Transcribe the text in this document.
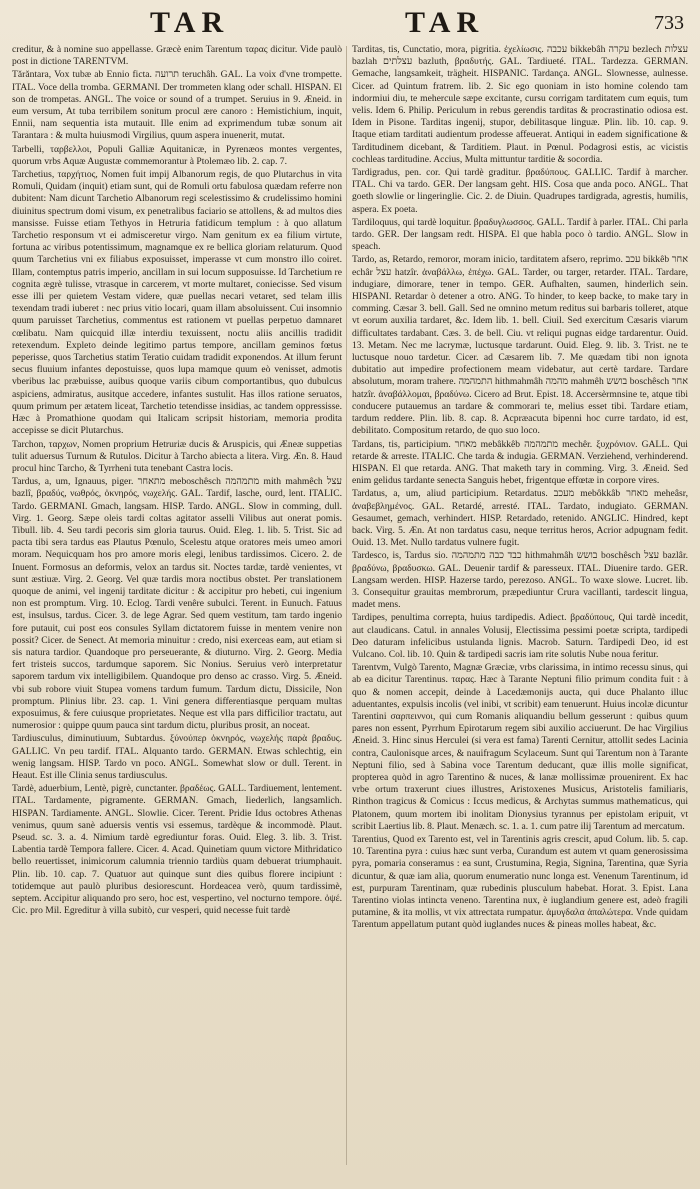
TAR	TAR	733

creditur, & à nomine suo appellasse. Græcè enim Tarentum ταρας dicitur. Vide paulò post in dictione TARENTVM.

Tărăntara, Vox tubæ ab Ennio ficta. תרועה teruchâh. GAL. La voix d'vne trompette. ITAL. Voce della tromba. GERMANI. Der trommeten klang oder schall. HISPAN. El son de trompetas. ANGL. The voice or sound of a trumpet. Seruius in 9. Æneid. in eum versum, At tuba terribilem sonitum procul ære canoro : Hemistichium, inquit, Ennii, nam sequentia ista mutauit. Ille enim ad exprimendum tubæ sonum ait Tarantara : & multa huiusmodi Virgilius, quum aspera inuenerit, mutat.

Tarbelli, ταρβελλοι, Populi Galliæ Aquitanicæ, in Pyrenæos montes vergentes, quorum vrbs Aquæ Augustæ commemorantur à Ptolemæo lib. 2. cap. 7.

Tarchetius, ταρχήτιος, Nomen fuit impij Albanorum regis, de quo Plutarchus in vita Romuli, Quidam (inquit) etiam sunt, qui de Romuli ortu fabulosa quædam referre non dubitent: Nam dicunt Tarchetio Albanorum regi scelestissimo & crudelissimo homini diuinitus spectrum domi visum, ex penetralibus faciario se attollens, & ad multos dies mansisse. Fuisse etiam Tethyos in Hetruria fatidicum templum : à quo allatum Tarchetio responsum vt ei admisceretur virgo. Nam genitum ex ea filium virtute, fortuna ac viribus potentissimum, magnamque ex re bellica gloriam relaturum. Quod quum Tarchetius vni ex filiabus exposuisset, imperasse vt cum monstro illo coiret. Illam, contemptus patris imperio, ancillam in sui locum supposuisse. Id Tarchetium re cognita ægrè tulisse, vtrasque in carcerem, vt morte multaret, coniecisse. Sed visum esse illi per quietem Vestam videre, quæ puellas necari vetaret, sed telam illis texendam tradi iuberet : nec prius vitio locari, quam illam absoluissent. Cui insomnio quum paruisset Tarchetius, commentus est rationem vt puellas perpetuo damnaret cœlibatu. Nam quicquid illæ interdiu texuissent, noctu aliis ancillis tradidit retexendum. Expleto deinde legitimo partus tempore, ancillam geminos fœtus peperisse, quos Tarchetius statim Teratio cuidam tradidit exponendos. At illum ferunt secus fluuium infantes depostuisse, quos lupa mamque quum eò venisset, admotis vberibus lac præbuisse, auibus quoque variis cibum comportantibus, quo dubulcus aspiciens, admiratus, ausitque accedere, infantes sustulit. Has illos ratione seruatos, quum primum per ætatem liceat, Tarchetio tetendisse insidias, ac tandem oppressisse. Hæc à Promathione quodam qui Italicam scripsit historiam, memoria prodita accepisse se dicit Plutarchus.

Tarchon, ταρχων, Nomen proprium Hetruriæ ducis & Aruspicis, qui Æneæ suppetias tulit aduersus Turnum & Rutulos. Dicitur à Tarcho abiecta a litera. Virg. Æn. 8. Haud procul hinc Tarcho, & Tyrrheni tuta tenebant Castra locis.

Tardus, a, um, Ignauus, piger. מתאחר meboschêsch מתמהמה mith mahmêch עצל bazlî, βραδύς, νωθρός, ὀκνηρός, νωχελής. GAL. Tardif, lasche, ourd, lent. ITALIC. Tardo. GERMANI. Gmach, langsam. HISP. Tardo. ANGL. Slow in comming, dull. Virg. 1. Georg. Sæpe oleis tardi coltas agitator asselli Vilibus aut onerat pomis. Tibull. lib. 4. Seu tardi pecoris sim gloria taurus. Ouid. Eleg. 1. lib. 5. Trist. Sic ad pacta tibi sera tardus eas Plautus Pœnulo, Scelestu atque oratores meis umeo amori moram. Nequicquam hos pro amore moris elegi, lenibus tardissimos. Cicero. 2. de Inuent. Formosus an deformis, velox an tardus sit. Noctes tardæ, tardè venientes, vt sunt æstiuæ. Virg. 2. Georg. Vel quæ tardis mora noctibus obstet. Per translationem quoque de animi, vel ingenij tarditate dicitur : & accipitur pro hebeti, cui ingenium non est promptum. Virg. 10. Eclog. Tardi venêre subulci. Terent. in Eunuch. Fatuus est, insulsus, tardus. Cicer. 3. de lege Agrar. Sed quem vestitum, tam tardo ingenio fore putauit, cui post eos consules Syllam dictatorem fuisse in mentem venire non possit? Cicer. de Senect. At memoria minuitur : credo, nisi exerceas eam, aut etiam si sis natura tardior. Quandoque pro perseuerante, & diuturno. Virg. 2. Georg. Media fert tristeis succos, tardumque saporem. Sic Nonius. Seruius verò interpretatur saporem tardum vix intelligibilem. Quandoque pro denso ac crasso. Virg. 5. Æneid. vbi sub robore viuit Stupea vomens tardum fumum. Tardum dictu, Dissicile, Non promptum. Plinius libr. 23. cap. 1. Vini genera differentiasque perquam multas exposuimus, & fere cuiusque proprietates. Neque est vlla pars difficilior tractatu, aut numerosior : quippe quum pauca sint tardum dictu, pluribus prosit, an noceat.

Tardiusculus, diminutiuum, Subtardus. ξύνούπερ ὀκνηρός, νωχελής παρὰ βραδυς. GALLIC. Vn peu tardif. ITAL. Alquanto tardo. GERMAN. Etwas schlechtig, ein wenig langsam. HISP. Tardo vn poco. ANGL. Somewhat slow or dull. Terent. in Heaut. Est ille Clinia senus tardiusculus.

Tardè, aduerbium, Lentè, pigrè, cunctanter. βραδέως. GALL. Tardiuement, lentement. ITAL. Tardamente, pigramente. GERMAN. Gmach, Iiederlich, langsamlich. HISPAN. Tardiamente. ANGL. Slowlie. Cicer. Terent. Pridie Idus octobres Athenas venimus, quum sanè aduersis ventis vsi essemus, tardèque & incommodè. Plaut. Pseud. sc. 3. a. 4. Nimium tardè egrediuntur foras. Ouid. Eleg. 3. lib. 3. Trist. Labentia tardè Tempora fallere. Cicer. 4. Acad. Quinetiam quum victore Mithridatico bello reuertisset, inimicorum calumnia triennio tardiùs quam debuerat triumphauit. Plin. lib. 10. cap. 7. Quatuor aut quinque sunt dies quibus florere incipiunt : totidemque aut paulò pluribus desiorescunt. Hordeacea verò, quum tardissimè, septem. Accipitur aliquando pro sero, hoc est, vespertino, vel nocturno tempore. ὀψέ. Cic. pro Mil. Egreditur à villa subitò, cur vesperi, quid necesse fuit tardè

Tarditas, tis, Cunctatio, mora, pigritia. ἐχελίωσις. עכבה bikkebâh עקרה bezlech עצלות bazlah עצלתים bazluth, βραδυτής. GAL. Tardiueté. ITAL. Tardezza. GERMAN. Gemache, langsamkeit, trägheit. HISPANIC. Tardança. ANGL. Slownesse, aulnesse. Cicer. ad Quintum fratrem. lib. 2. Sic ego quoniam in isto homine colendo tam indormiui diu, te mehercule sæpe excitante, cursu corrigam tarditatem cum equis, tum velis. Idem 6. Philip. Periculum in rebus gerendis tarditas & procrastinatio odiosa est. Idem in Pisone. Tarditas ingenij, stupor, debilitasque linguæ. Plin. lib. 10. cap. 9. Itaque etiam tarditati audientum prodesse affeuerat. Antiqui in eadem significatione & Tarditudinem dicebant, & Tarditiem. Plaut. in Pœnul. Podagrosi estis, ac vicistis cochleas tarditudine. Accius, Multa mittuntur tarditie & socordia.

Tardigradus, pen. cor. Qui tardè graditur. βραδύπους. GALLIC. Tardif à marcher. ITAL. Chi va tardo. GER. Der langsam geht. HIS. Cosa que anda poco. ANGL. That goeth slowlie or lingeringlie. Cic. 2. de Diuin. Quadrupes tardigrada, agrestis, humilis, aspera. Ex poeta.

Tardiloquus, qui tardè loquitur. βραδυγλωσσος. GALL. Tardif à parler. ITAL. Chi parla tardo. GER. Der langsam redt. HISPA. El que habla poco ò tardio. ANGL. Slow in speach.

Tardo, as, Retardo, remoror, moram inicio, tarditatem afsero, reprimo. עכב bikkêb אחר echâr עצל hatzîr. ἀναβάλλω, ἐπέχω. GAL. Tarder, ou targer, retarder. ITAL. Tardare, indugiare, dimorare, tener in tempo. GER. Aufhalten, saumen, hinderlich sein. HISPANI. Retardar ò detener a otro. ANG. To hinder, to keep backe, to make tary in comming. Cæsar 3. bell. Gall. Sed ne omnino metum reditus sui barbaris tolleret, atque vt eorum auxilia tardaret, &c. Idem lib. 1. bell. Ciuil. Sed exercitum Cæsaris viarum difficultates tardabant. Cæs. 3. de bell. Ciu. vt reliqui pugnas eidge tardarentur. Ouid. 13. Metam. Nec me lacrymæ, luctusque tardarunt. Ouid. Eleg. 9. lib. 3. Trist. ne te luctusque nouo tardetur. Cicer. ad Cæsarem lib. 7. Me quædam tibi non ignota dubitatio aut impedire profectionem meam videbatur, aut certè tardare. Tardare absolutum, moram trahere. התמהמה hithmahmâh מהמה mahmêh בושש boschêsch אחר hatzîr. ἀναβάλλομαι, βραδύνω. Cicero ad Brut. Epist. 18. Accersèrmnsine te, atque tibi conducere putauemus an tardare & commorari te, melius esset tibi. Tardare etiam, tardum reddere. Plin. lib. 8. cap. 8. Acpræacuta bipenni hoc curre tardato, id est, debilitato. Compositum retardo, de quo suo loco.

Tardans, tis, participium. מאחר mebâkkêb מתמהמה mechêr. ξυχρόνιον. GALL. Qui retarde & arreste. ITALIC. Che tarda & indugia. GERMAN. Verziehend, verhinderend. HISPAN. El que retarda. ANG. That maketh tary in comming. Virg. 3. Æneid. Sed enim gelidus tardante senecta Sanguis hebet, frigentque effœtæ in corpore vires.

Tardatus, a, um, aliud participium. Retardatus. מעכב mebôkkâb מאחר meheâsr, ἀναβεβλημένος. GAL. Retardé, arresté. ITAL. Tardato, indugiato. GERMAN. Gesaumet, gemach, verhindert. HISP. Retardado, retenido. ANGLIC. Hindred, kept back. Virg. 5. Æn. At non tardatus casu, neque territus heros, Acrior adpugnam fedit. Ouid. 13. Met. Nullo tardatus vulnere fugit.

Tardesco, is, Tardus sio. כבד כבה מתמהמה hithmahmâh בושש boschêsch עצל bazlâr. βραδύνω, βραδυσκω. GAL. Deuenir tardif & paresseux. ITAL. Diuenire tardo. GER. Langsam werden. HISP. Hazerse tardo, perezoso. ANGL. To waxe slowe. Lucret. lib. 3. Consequitur grauitas membrorum, præpediuntur Crura vacillanti, tardescit lingua, madet mens.

Tardipes, penultima correpta, huius tardipedis. Adiect. βραδύπους, Qui tardè incedit, aut claudicans. Catul. in annales Volusij, Electissima pessimi poetæ scripta, tardipedi Deo daturam infelicibus ustulanda lignis. Macrob. Saturn. Tardipedi Deo, id est Vulcano. Col. lib. 10. Quin & tardipedi sacris iam rite solutis Nube noua feritur.

Tarentvm, Vulgò Tarento, Magnæ Græciæ, vrbs clarissima, in intimo recessu sinus, qui ab ea dicitur Tarentinus. ταρας. Hæc à Tarante Neptuni filio primum condita fuit : à quo & nomen accepit, deinde à Lacedæmonijs aucta, qui duce Phalanto illuc aduentantes, expulsis incolis (vel inibi, vt scribit) eam tenuerunt. Huius incolæ dicuntur Tarentini σαρπειννοι, qui cum Romanis aliquandiu bellum gesserunt : quibus quum pares non essent, Pyrrhum Epirotarum regem sibi auxilio acciuerunt. De hac Virgilius Æneid. 3. Hinc sinus Herculei (si vera est fama) Tarenti Cernitur, attollit sedes Lacinia contra, Caulonisque arces, & nauifragum Scylaceum. Sunt qui Tarentum non à Tarante Neptuni filio, sed à Sabina voce Tarentum deducant, quæ illis molle significat, propterea quòd in agro Tarentino & nuces, & lanæ mollissimæ prouenirent. Ex hac vrbe ortum traxerunt ciues illustres, Aristoxenes Musicus, Aristotelis familiaris, Rinthon tragicus & Comicus : Iccus medicus, & Archytas summus mathematicus, qui Platonem, quum mortem ibi inolitam Dionysius tyrannus per epistolam eripuit, vt scribit Laertius lib. 8. Plaut. Menæch. sc. 1. a. 1. cum patre ilij Tarentum ad mercatum.

Tarentius, Quod ex Tarento est, vel in Tarentinis agris crescit, apud Colum. lib. 5. cap. 10. Tarentina pyra : cuius hæc sunt verba, Curandum est autem vt quam generosissima pyra, pomaria conseramus : ea sunt, Crustumina, Regia, Signina, Tarentina, quæ Syria dicuntur, & quæ iam alia, quorum enumeratio nunc longa est. Venenum Tarentinum, id est, purpuram Tarentinam, quæ rubedinis plusculum habebat. Horat. 3. Epist. Lana Tarentino violas intincta veneno. Tarentina nux, è iuglandium genere est, adeò fragili putamine, & ita mollis, vt vix attrectata rumpatur. ἀμυγδαλα ἀπαλώτερα. Vnde quidam Tarentum appellatum putant quòd iuglandes nuces & pineas molles habeat, &c.
